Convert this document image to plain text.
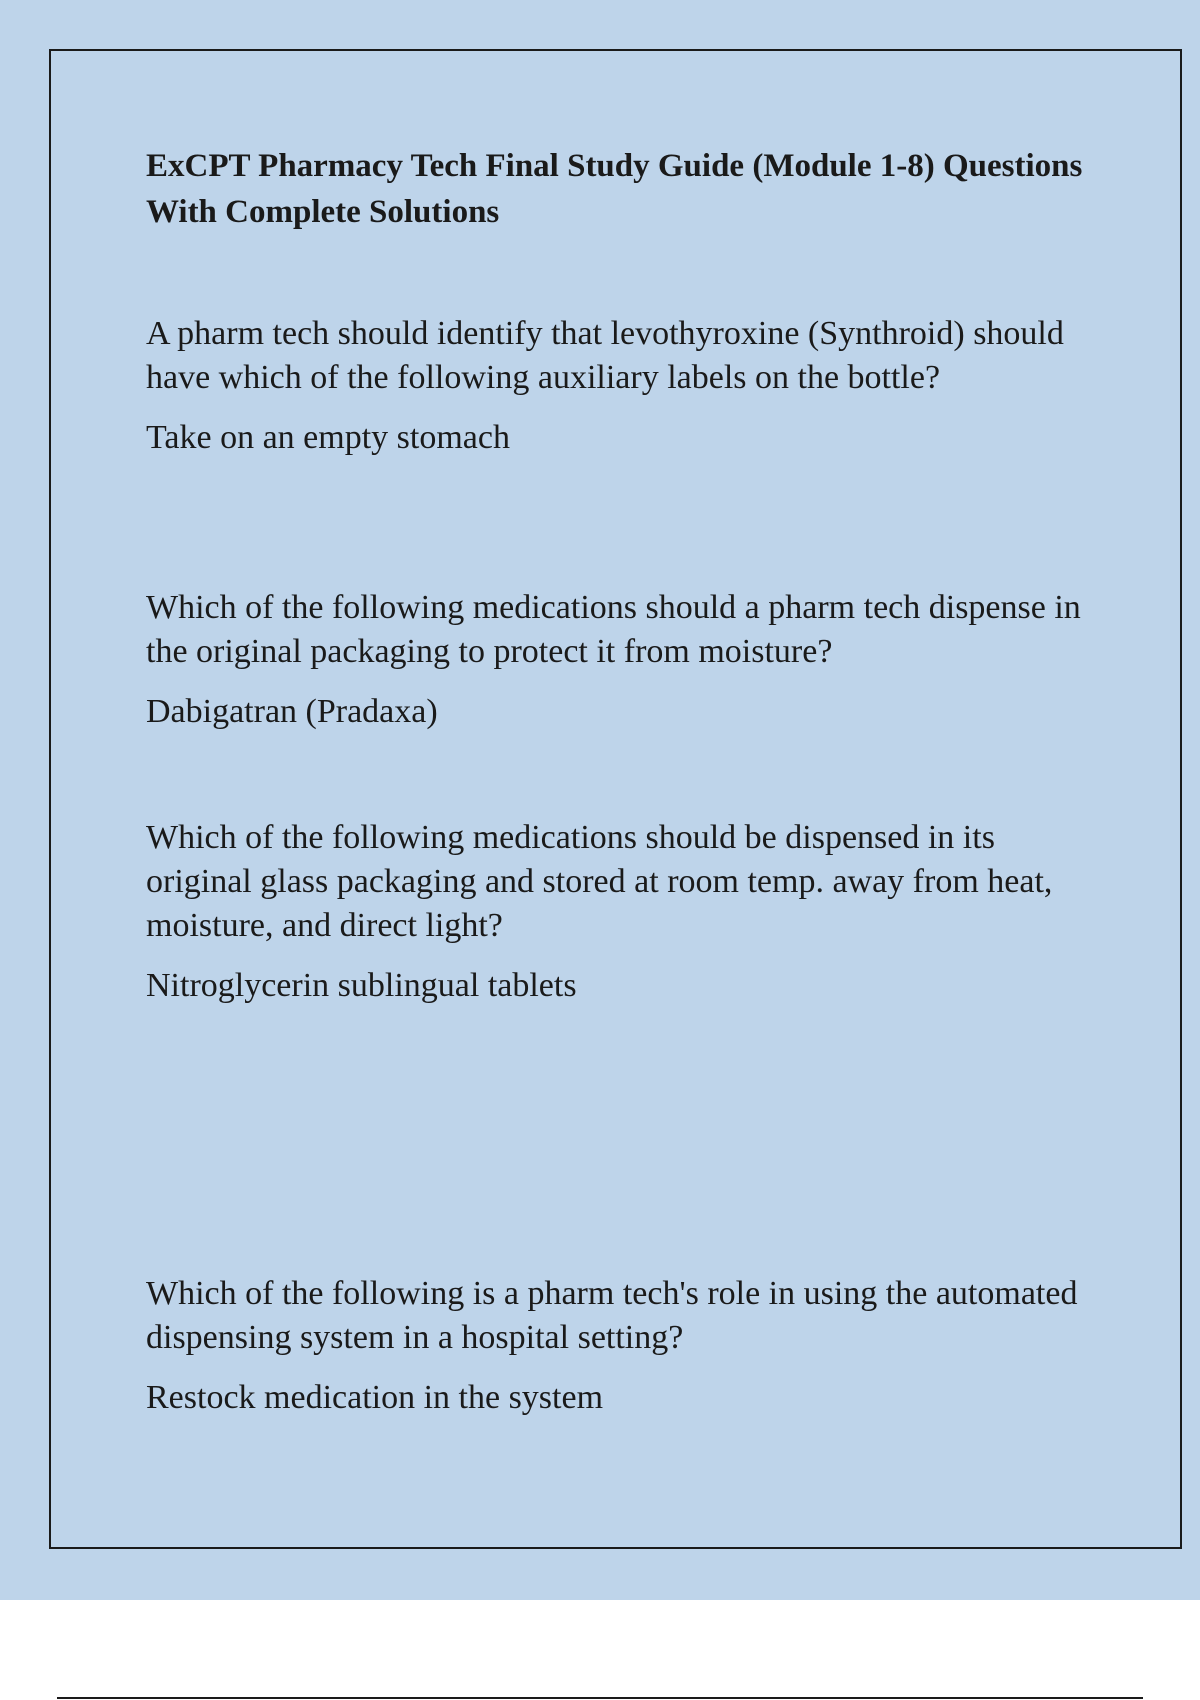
ExCPT Pharmacy Tech Final Study Guide (Module 1-8) Questions With Complete Solutions

A pharm tech should identify that levothyroxine (Synthroid) should have which of the following auxiliary labels on the bottle?

Take on an empty stomach

Which of the following medications should a pharm tech dispense in the original packaging to protect it from moisture?

Dabigatran (Pradaxa)

Which of the following medications should be dispensed in its original glass packaging and stored at room temp. away from heat, moisture, and direct light?

Nitroglycerin sublingual tablets

Which of the following is a pharm tech's role in using the automated dispensing system in a hospital setting?

Restock medication in the system
